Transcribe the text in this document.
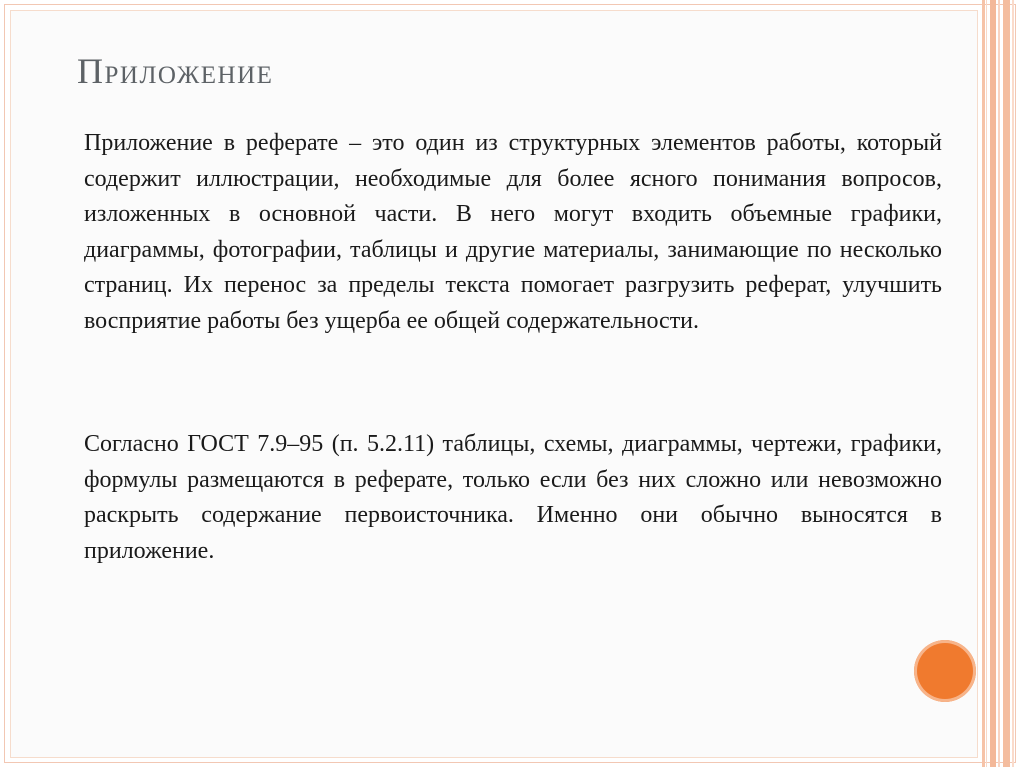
Приложение

Приложение в реферате – это один из структурных элементов работы, который содержит иллюстрации, необходимые для более ясного понимания вопросов, изложенных в основной части. В него могут входить объемные графики, диаграммы, фотографии, таблицы и другие материалы, занимающие по несколько страниц. Их перенос за пределы текста помогает разгрузить реферат, улучшить восприятие работы без ущерба ее общей содержательности.

Согласно ГОСТ 7.9–95 (п. 5.2.11) таблицы, схемы, диаграммы, чертежи, графики, формулы размещаются в реферате, только если без них сложно или невозможно раскрыть содержание первоисточника. Именно они обычно выносятся в приложение.
